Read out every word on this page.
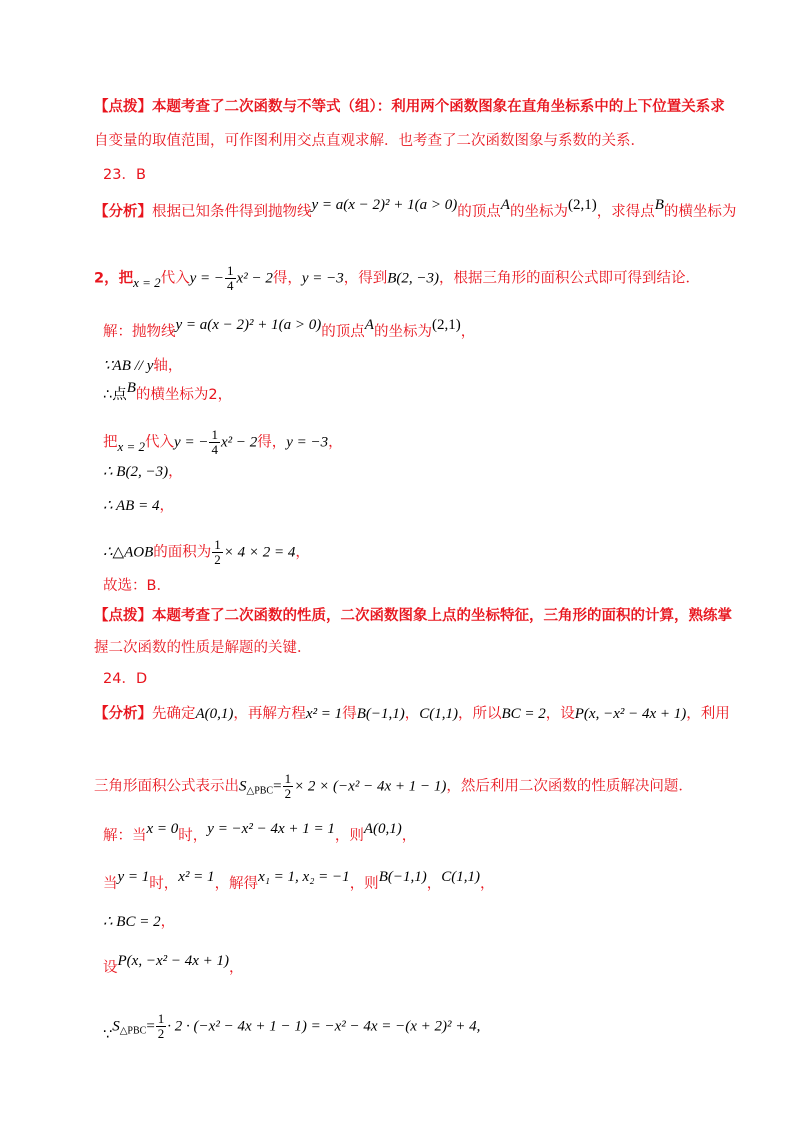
【点拨】本题考查了二次函数与不等式（组）：利用两个函数图象在直角坐标系中的上下位置关系求
自变量的取值范围，可作图利用交点直观求解．也考查了二次函数图象与系数的关系．
23．B
【分析】根据已知条件得到抛物线y = a(x − 2)² + 1(a > 0)的顶点A的坐标为(2,1)，求得点B的横坐标为
2，把x = 2代入y = − $\frac{1}{4} x^2 - 2$得，y = −3，得到B(2, −3)，根据三角形的面积公式即可得到结论．
解：抛物线y = a(x − 2)² + 1(a > 0)的顶点A的坐标为(2,1)，
∵AB // y轴，
∴点B的横坐标为2，
把x = 2代入y = − $\frac{1}{4} x^2 - 2$得，y = −3，
∴ B(2, −3)，
∴ AB = 4，
∴△AOB的面积为 $\frac{1}{2} \times 4 \times 2 = 4$，
故选：B．
【点拨】本题考查了二次函数的性质，二次函数图象上点的坐标特征，三角形的面积的计算，熟练掌
握二次函数的性质是解题的关键．
24．D
【分析】先确定A(0,1)，再解方程x² = 1得B(−1,1)，C(1,1)，所以BC = 2，设P(x, −x² − 4x + 1)，利用
三角形面积公式表示出$S_{\triangle PBC}= \frac{1}{2} \times 2 \times (-x^2 - 4x + 1 - 1)$，然后利用二次函数的性质解决问题．
解：当x = 0时，y = −x² − 4x + 1 = 1，则A(0,1)，
当y = 1时，x² = 1，解得x₁ = 1, x₂ = −1，则B(−1,1)，C(1,1)，
∴ BC = 2，
设P(x, −x² − 4x + 1)，
$\because S_{\triangle PBC}= \frac{1}{2} \cdot 2 \cdot (-x^2 - 4x + 1 - 1) = -x^2 - 4x = -(x + 2)^2 + 4$,
